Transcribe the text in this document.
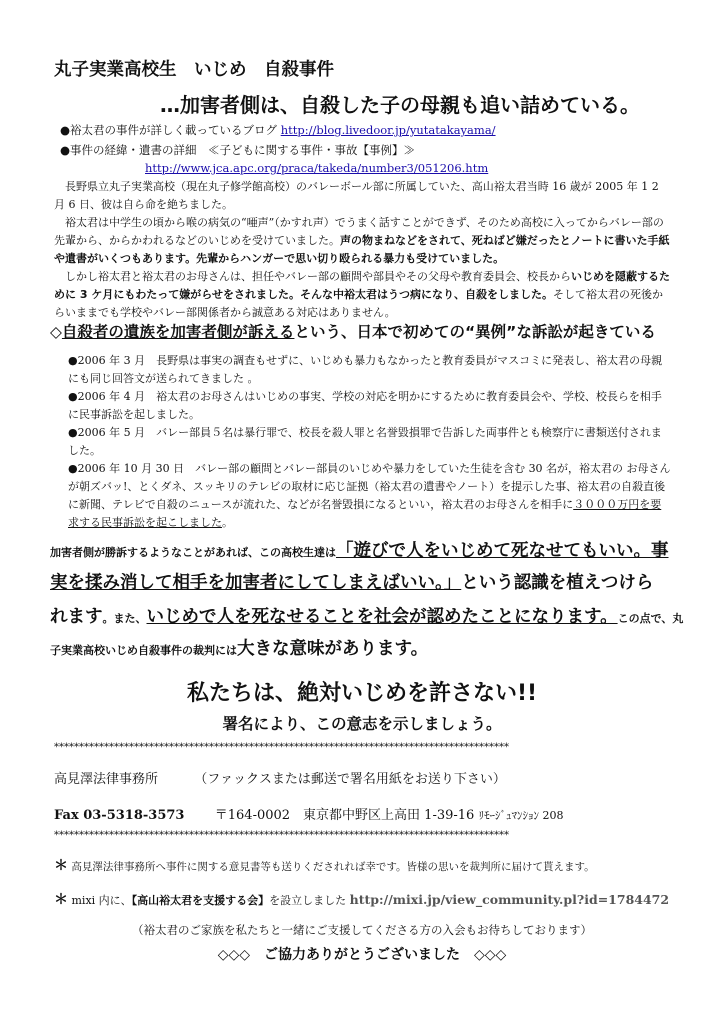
丸子実業高校生　いじめ　自殺事件
…加害者側は、自殺した子の母親も追い詰めている。
●裕太君の事件が詳しく載っているブログ http://blog.livedoor.jp/yutatakayama/
●事件の経緯・遺書の詳細　≪子どもに関する事件・事故【事例】≫
http://www.jca.apc.org/praca/takeda/number3/051206.htm

長野県立丸子実業高校（現在丸子修学館高校）のバレーボール部に所属していた、高山裕太君当時 16 歳が 2005 年 1 2 月 6 日、彼は自ら命を絶ちました。

裕太君は中学生の頃から喉の病気の“唖声”（かすれ声）でうまく話すことができず、そのため高校に入ってからバレー部の先輩から、からかわれるなどのいじめを受けていました。声の物まねなどをされて、死ねばど嫌だったとノートに書いた手紙や遺書がいくつもあります。先輩からハンガーで思い切り殴られる暴力も受けていました。

しかし裕太君と裕太君のお母さんは、担任やバレー部の顧問や部員やその父母や教育委員会、校長からいじめを隠蔽するために 3 ケ月にもわたって嫌がらせをされました。そんな中裕太君はうつ病になり、自殺をしました。そして裕太君の死後からいままでも学校やバレー部関係者から誠意ある対応はありません。

◇自殺者の遺族を加害者側が訴えるという、日本で初めての“異例”な訴訟が起きている

●2006 年 3 月　長野県は事実の調査もせずに、いじめも暴力もなかったと教育委員がマスコミに発表し、裕太君の母親にも同じ回答文が送られてきました 。

●2006 年 4 月　裕太君のお母さんはいじめの事実、学校の対応を明かにするために教育委員会や、学校、校長らを相手に民事訴訟を起しました。

●2006 年 5 月　バレー部員５名は暴行罪で、校長を殺人罪と名誉毀損罪で告訴した両事件とも検察庁に書類送付されました。

●2006 年 10 月 30 日　バレー部の顧問とバレー部員のいじめや暴力をしていた生徒を含む 30 名が，裕太君の お母さんが朝ズバッ!、とくダネ、スッキリのテレビの取材に応じ証拠（裕太君の遺書やノート）を提示した事、裕太君の自殺直後に新聞、テレビで自殺のニュースが流れた、などが名誉毀損になるといい，裕太君のお母さんを相手に３０００万円を要求する民事訴訟を起こしました。

加害者側が勝訴するようなことがあれば、この高校生達は「遊びで人をいじめて死なせてもいい。事
実を揉み消して相手を加害者にしてしまえばいい。」という認識を植えつけら
れます。また、いじめで人を死なせることを社会が認めたことになります。この点で、丸
子実業高校いじめ自殺事件の裁判には大きな意味があります。
私たちは、絶対いじめを許さない!!
署名により、この意志を示しましょう。
*******************************************************************************************
高見澤法律事務所	（ファックスまたは郵送で署名用紙をお送り下さい）
Fax 03-5318-3573 〒164-0002　東京都中野区上高田 1-39-16 ﾘﾓｰｼﾞｭﾏﾝｼｮﾝ 208
*******************************************************************************************
＊ 高見澤法律事務所へ事件に関する意見書等も送りくだされれば幸です。皆様の思いを裁判所に届けて貰えます。
＊ mixi 内に、【高山裕太君を支援する会】を設立しました http://mixi.jp/view_community.pl?id=1784472
（裕太君のご家族を私たちと一緒にご支援してくださる方の入会もお待ちしております）
◇◇◇　ご協力ありがとうございました　◇◇◇
